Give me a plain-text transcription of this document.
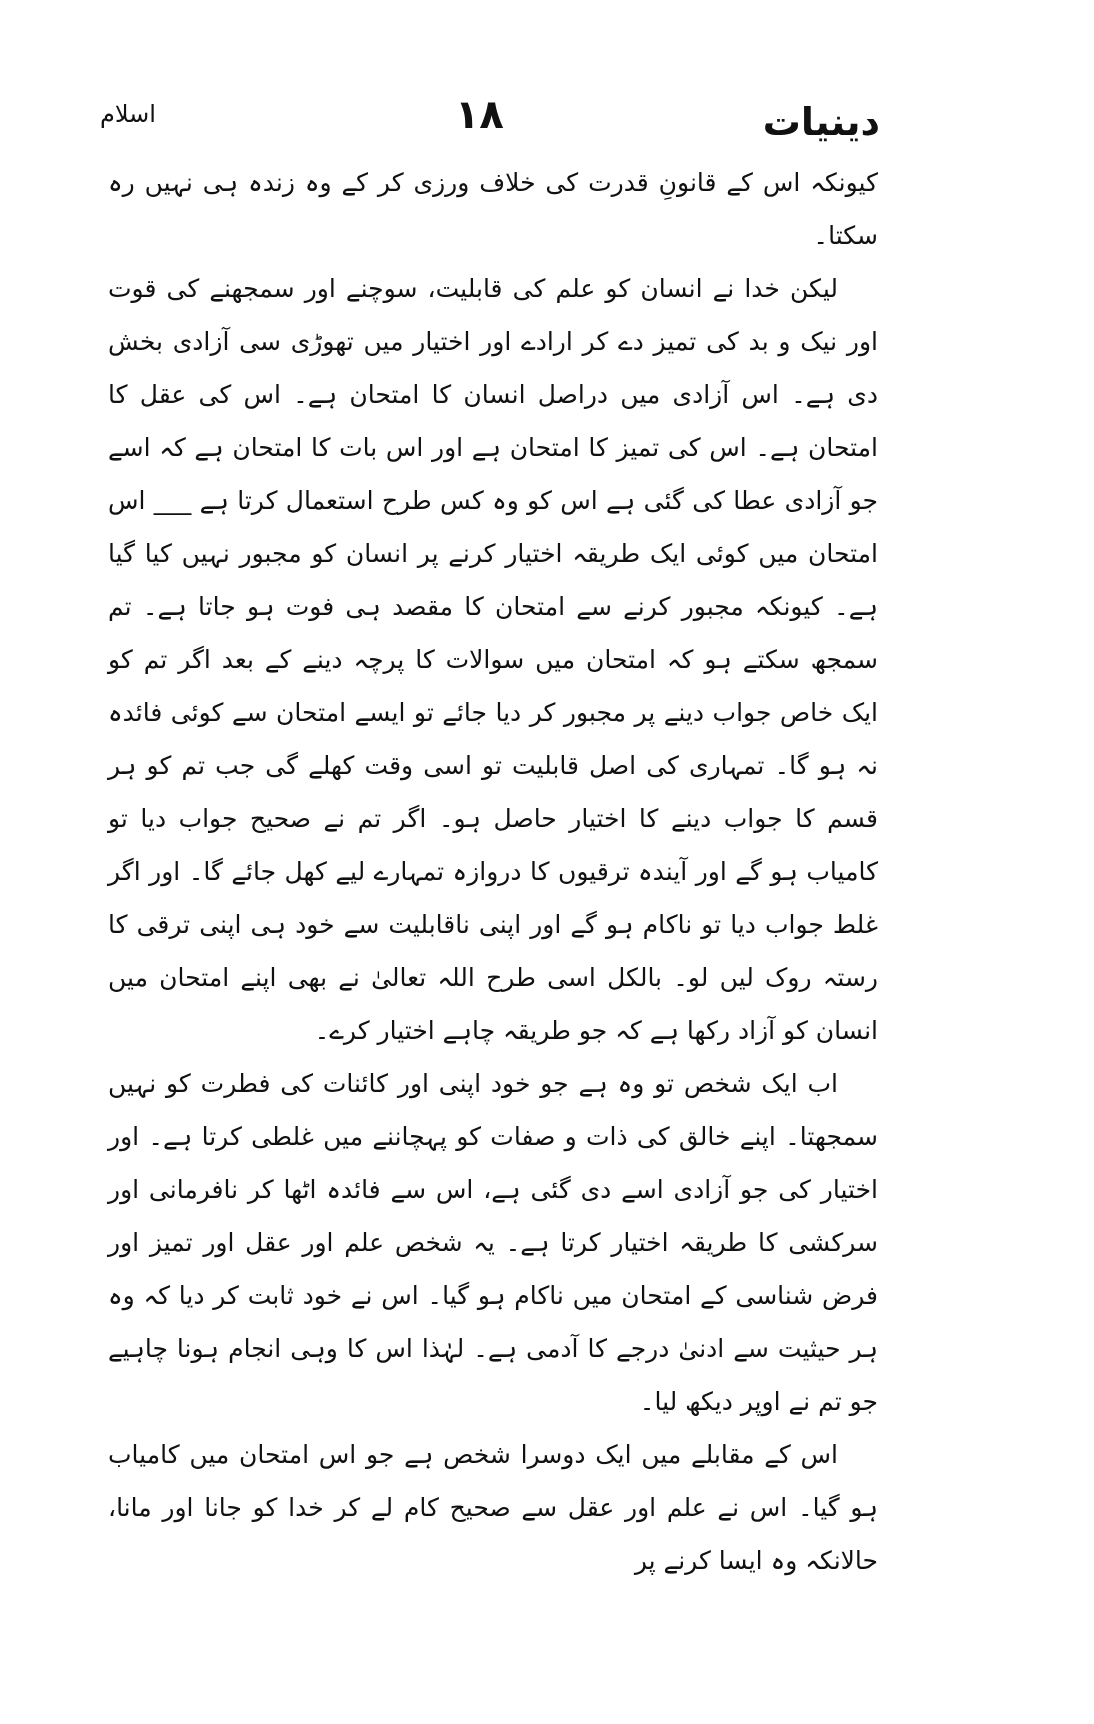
دینیات
۱۸
اسلام

کیونکہ اس کے قانونِ قدرت کی خلاف ورزی کر کے وہ زندہ ہی نہیں رہ سکتا۔

لیکن خدا نے انسان کو علم کی قابلیت، سوچنے اور سمجھنے کی قوت اور نیک و بد کی تمیز دے کر ارادے اور اختیار میں تھوڑی سی آزادی بخش دی ہے۔ اس آزادی میں دراصل انسان کا امتحان ہے۔ اس کی عقل کا امتحان ہے۔ اس کی تمیز کا امتحان ہے اور اس بات کا امتحان ہے کہ اسے جو آزادی عطا کی گئی ہے اس کو وہ کس طرح استعمال کرتا ہے ___ اس امتحان میں کوئی ایک طریقہ اختیار کرنے پر انسان کو مجبور نہیں کیا گیا ہے۔ کیونکہ مجبور کرنے سے امتحان کا مقصد ہی فوت ہو جاتا ہے۔ تم سمجھ سکتے ہو کہ امتحان میں سوالات کا پرچہ دینے کے بعد اگر تم کو ایک خاص جواب دینے پر مجبور کر دیا جائے تو ایسے امتحان سے کوئی فائدہ نہ ہو گا۔ تمہاری کی اصل قابلیت تو اسی وقت کھلے گی جب تم کو ہر قسم کا جواب دینے کا اختیار حاصل ہو۔ اگر تم نے صحیح جواب دیا تو کامیاب ہو گے اور آیندہ ترقیوں کا دروازہ تمہارے لیے کھل جائے گا۔ اور اگر غلط جواب دیا تو ناکام ہو گے اور اپنی ناقابلیت سے خود ہی اپنی ترقی کا رستہ روک لیں لو۔ بالکل اسی طرح اللہ تعالیٰ نے بھی اپنے امتحان میں انسان کو آزاد رکھا ہے کہ جو طریقہ چاہے اختیار کرے۔

اب ایک شخص تو وہ ہے جو خود اپنی اور کائنات کی فطرت کو نہیں سمجھتا۔ اپنے خالق کی ذات و صفات کو پہچاننے میں غلطی کرتا ہے۔ اور اختیار کی جو آزادی اسے دی گئی ہے، اس سے فائدہ اٹھا کر نافرمانی اور سرکشی کا طریقہ اختیار کرتا ہے۔ یہ شخص علم اور عقل اور تمیز اور فرض شناسی کے امتحان میں ناکام ہو گیا۔ اس نے خود ثابت کر دیا کہ وہ ہر حیثیت سے ادنیٰ درجے کا آدمی ہے۔ لہٰذا اس کا وہی انجام ہونا چاہیے جو تم نے اوپر دیکھ لیا۔

اس کے مقابلے میں ایک دوسرا شخص ہے جو اس امتحان میں کامیاب ہو گیا۔ اس نے علم اور عقل سے صحیح کام لے کر خدا کو جانا اور مانا، حالانکہ وہ ایسا کرنے پر
